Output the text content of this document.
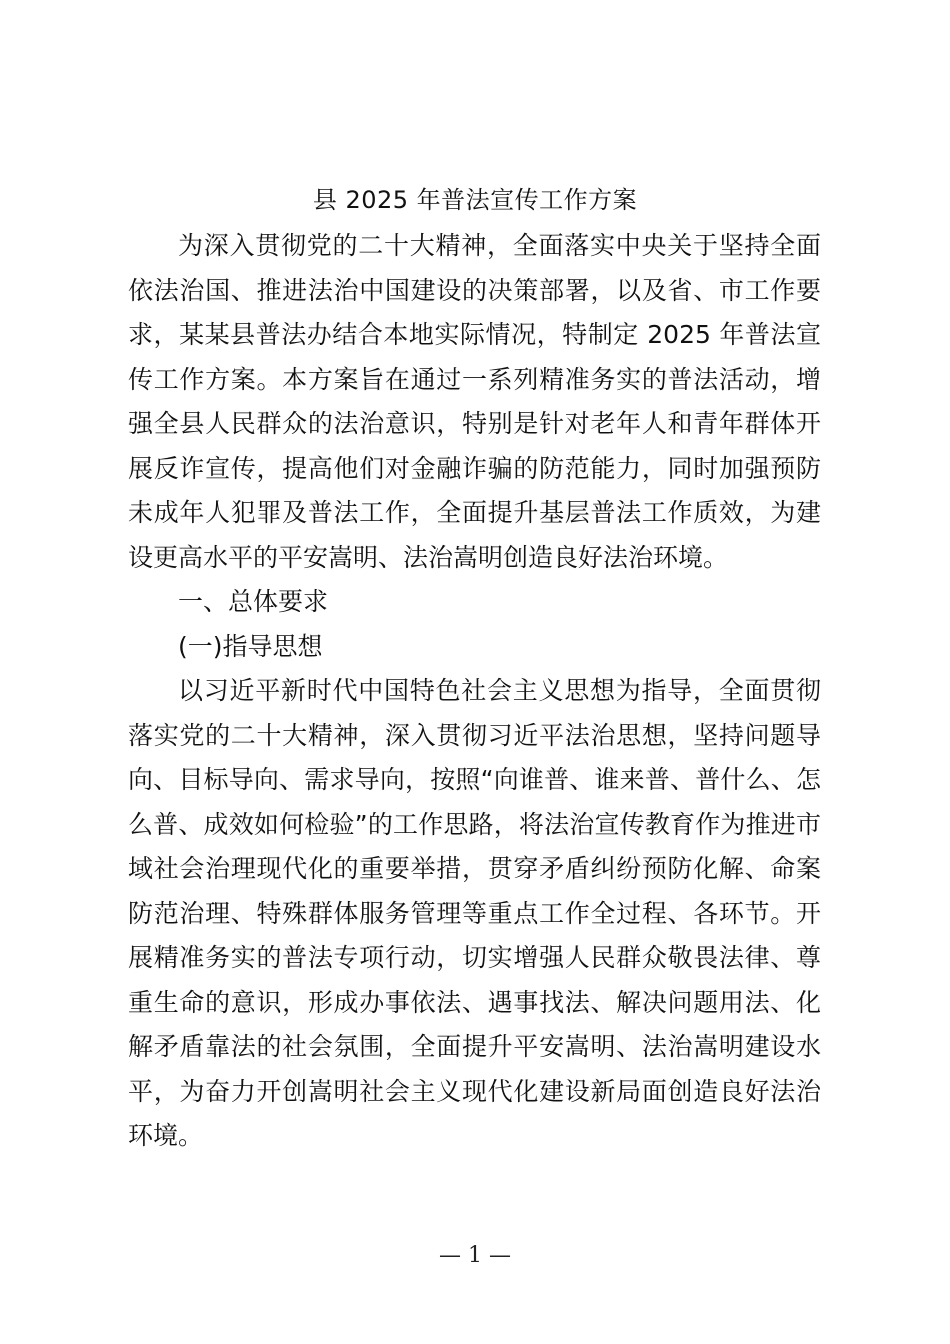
县 2025 年普法宣传工作方案

为深入贯彻党的二十大精神，全面落实中央关于坚持全面依法治国、推进法治中国建设的决策部署，以及省、市工作要求，某某县普法办结合本地实际情况，特制定 2025 年普法宣传工作方案。本方案旨在通过一系列精准务实的普法活动，增强全县人民群众的法治意识，特别是针对老年人和青年群体开展反诈宣传，提高他们对金融诈骗的防范能力，同时加强预防未成年人犯罪及普法工作，全面提升基层普法工作质效，为建设更高水平的平安嵩明、法治嵩明创造良好法治环境。

一、总体要求

(一)指导思想

以习近平新时代中国特色社会主义思想为指导，全面贯彻落实党的二十大精神，深入贯彻习近平法治思想，坚持问题导向、目标导向、需求导向，按照“向谁普、谁来普、普什么、怎么普、成效如何检验”的工作思路，将法治宣传教育作为推进市域社会治理现代化的重要举措，贯穿矛盾纠纷预防化解、命案防范治理、特殊群体服务管理等重点工作全过程、各环节。开展精准务实的普法专项行动，切实增强人民群众敬畏法律、尊重生命的意识，形成办事依法、遇事找法、解决问题用法、化解矛盾靠法的社会氛围，全面提升平安嵩明、法治嵩明建设水平，为奋力开创嵩明社会主义现代化建设新局面创造良好法治环境。

— 1 —
